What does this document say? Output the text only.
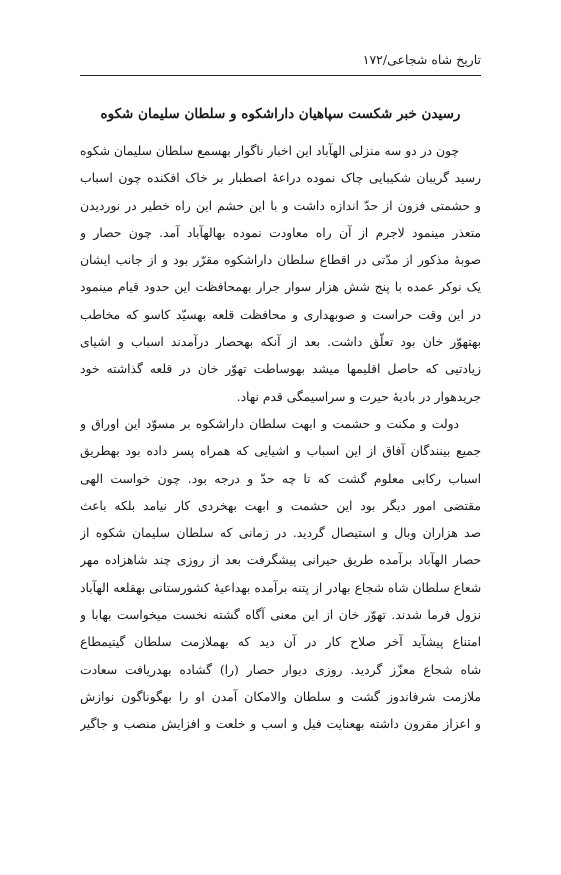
تاریخ شاه شجاعی/۱۷۲
رسیدن خبر شکست سپاهیان داراشکوه و سلطان سلیمان شکوه
چون در دو سه منزلی الهآباد این اخبار ناگوار بهسمع سلطان سلیمان شکوه
رسید گریبان شکیبایی چاک نموده دراعهٔ اصطبار بر خاک افکنده چون اسباب
و حشمتی فزون از حدّ اندازه داشت و با این حشم این راه خطیر در نوردیدن
متعذر مینمود لاجرم از آن راه معاودت نموده بهالهآباد آمد. چون حصار و
صوبهٔ مذکور از مدّتی در اقطاع سلطان داراشکوه مقرّر بود و از جانب ایشان
یک نوکر عمده با پنج شش هزار سوار جرار بهمحافظت این حدود قیام مینمود
در این وقت حراست و صوبهداری و محافظت قلعه بهسیّد کاسو که مخاطب
بهتهوّر خان بود تعلّق داشت. بعد از آنکه بهحصار درآمدند اسباب و اشیای
زیادتیی که حاصل اقلیمها میشد بهوساطت تهوّر خان در قلعه گذاشته خود
جریدهوار در بادیهٔ حیرت و سراسیمگی قدم نهاد.
دولت و مکنت و حشمت و ابهت سلطان داراشکوه بر مسوّد این اوراق و
جمیع بینندگان آفاق از این اسباب و اشیایی که همراه پسر داده بود بهطریق
اسباب رکابی معلوم گشت که تا چه حدّ و درجه بود. چون خواست الهی
مقتضی امور دیگر بود این حشمت و ابهت بهخردی کار نیامد بلکه باعث
صد هزاران وبال و استیصال گردید. در زمانی که سلطان سلیمان شکوه از
حصار الهآباد برآمده طریق حیرانی پیشگرفت بعد از روزی چند شاهزاده مهر
شعاع سلطان شاه شجاع بهادر از پتنه برآمده بهداعیهٔ کشورستانی بهقلعه الهآباد
نزول فرما شدند. تهوّر خان از این معنی آگاه گشته نخست میخواست بهابا و
امتناع پیشآید آخر صلاح کار در آن دید که بهملازمت سلطان گیتیمطاع
شاه شجاع معزّز گردید. روزی دیوار حصار (را) گشاده بهدریافت سعادت
ملازمت شرفاندوز گشت و سلطان والامکان آمدن او را بهگوناگون نوازش
و اعزاز مقرون داشته بهعنایت فیل و اسب و خلعت و افزایش منصب و جاگیر
